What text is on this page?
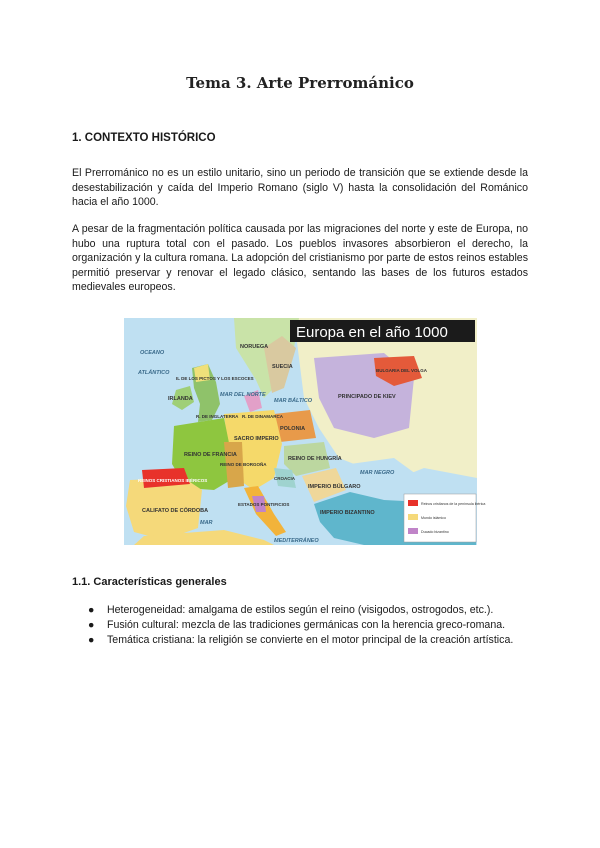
Tema 3. Arte Prerrománico
1. CONTEXTO HISTÓRICO

El Prerrománico no es un estilo unitario, sino un periodo de transición que se extiende desde la desestabilización y caída del Imperio Romano (siglo V) hasta la consolidación del Románico hacia el año 1000.

A pesar de la fragmentación política causada por las migraciones del norte y este de Europa, no hubo una ruptura total con el pasado. Los pueblos invasores absorbieron el derecho, la organización y la cultura romana. La adopción del cristianismo por parte de estos reinos estables permitió preservar y renovar el legado clásico, sentando las bases de los futuros estados medievales europeos.

Europa en el año 1000
OCEANO
ATLÁNTICO
IRLANDA
IL DE LOS PICTOS Y LOS ESCOCES
NORUEGA
SUECIA
MAR DEL NORTE
MAR BÁLTICO
R. DE INGLATERRA R. DE DINAMARCA
PRINCIPADO DE KIEV
BULGARIA DEL VOLGA
POLONIA
SACRO IMPERIO
REINO DE FRANCIA
REINO DE BORGOÑA
REINO DE HUNGRÍA
CROACIA
IMPERIO BÚLGARO
REINOS CRISTIANOS IBÉRICOS
CALIFATO DE CÓRDOBA
ESTADOS PONTIFICIOS
IMPERIO BIZANTINO
MAR NEGRO
MEDITERRÁNEO
MAR
Reinos cristianos de la península ibérica
Mundo islámico
Ducado bizantino
1.1. Características generales
● Heterogeneidad: amalgama de estilos según el reino (visigodos, ostrogodos, etc.).
● Fusión cultural: mezcla de las tradiciones germánicas con la herencia greco-romana.
● Temática cristiana: la religión se convierte en el motor principal de la creación artística.
